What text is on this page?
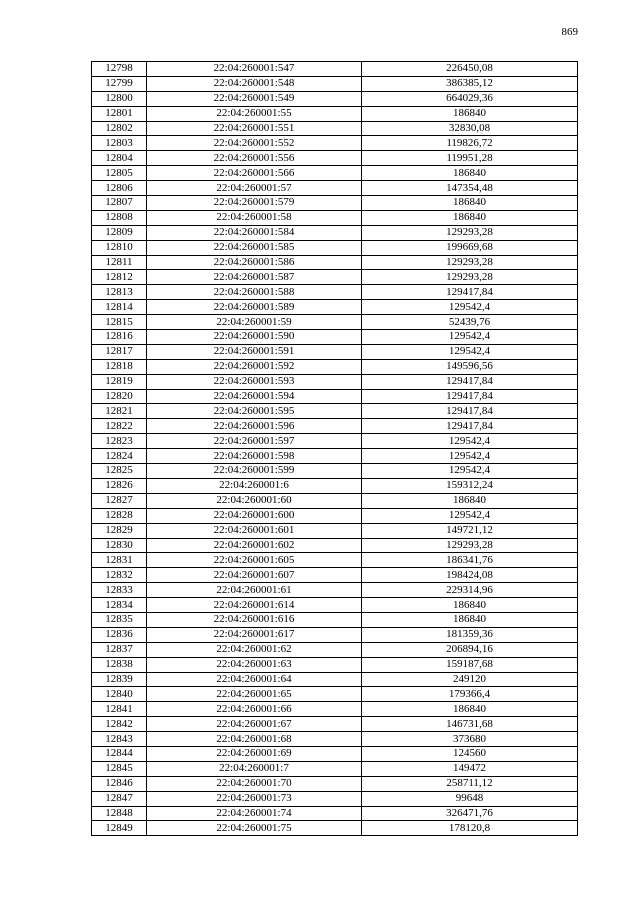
869
12798	22:04:260001:547	226450,08
12799	22:04:260001:548	386385,12
12800	22:04:260001:549	664029,36
12801	22:04:260001:55	186840
12802	22:04:260001:551	32830,08
12803	22:04:260001:552	119826,72
12804	22:04:260001:556	119951,28
12805	22:04:260001:566	186840
12806	22:04:260001:57	147354,48
12807	22:04:260001:579	186840
12808	22:04:260001:58	186840
12809	22:04:260001:584	129293,28
12810	22:04:260001:585	199669,68
12811	22:04:260001:586	129293,28
12812	22:04:260001:587	129293,28
12813	22:04:260001:588	129417,84
12814	22:04:260001:589	129542,4
12815	22:04:260001:59	52439,76
12816	22:04:260001:590	129542,4
12817	22:04:260001:591	129542,4
12818	22:04:260001:592	149596,56
12819	22:04:260001:593	129417,84
12820	22:04:260001:594	129417,84
12821	22:04:260001:595	129417,84
12822	22:04:260001:596	129417,84
12823	22:04:260001:597	129542,4
12824	22:04:260001:598	129542,4
12825	22:04:260001:599	129542,4
12826	22:04:260001:6	159312,24
12827	22:04:260001:60	186840
12828	22:04:260001:600	129542,4
12829	22:04:260001:601	149721,12
12830	22:04:260001:602	129293,28
12831	22:04:260001:605	186341,76
12832	22:04:260001:607	198424,08
12833	22:04:260001:61	229314,96
12834	22:04:260001:614	186840
12835	22:04:260001:616	186840
12836	22:04:260001:617	181359,36
12837	22:04:260001:62	206894,16
12838	22:04:260001:63	159187,68
12839	22:04:260001:64	249120
12840	22:04:260001:65	179366,4
12841	22:04:260001:66	186840
12842	22:04:260001:67	146731,68
12843	22:04:260001:68	373680
12844	22:04:260001:69	124560
12845	22:04:260001:7	149472
12846	22:04:260001:70	258711,12
12847	22:04:260001:73	99648
12848	22:04:260001:74	326471,76
12849	22:04:260001:75	178120,8
